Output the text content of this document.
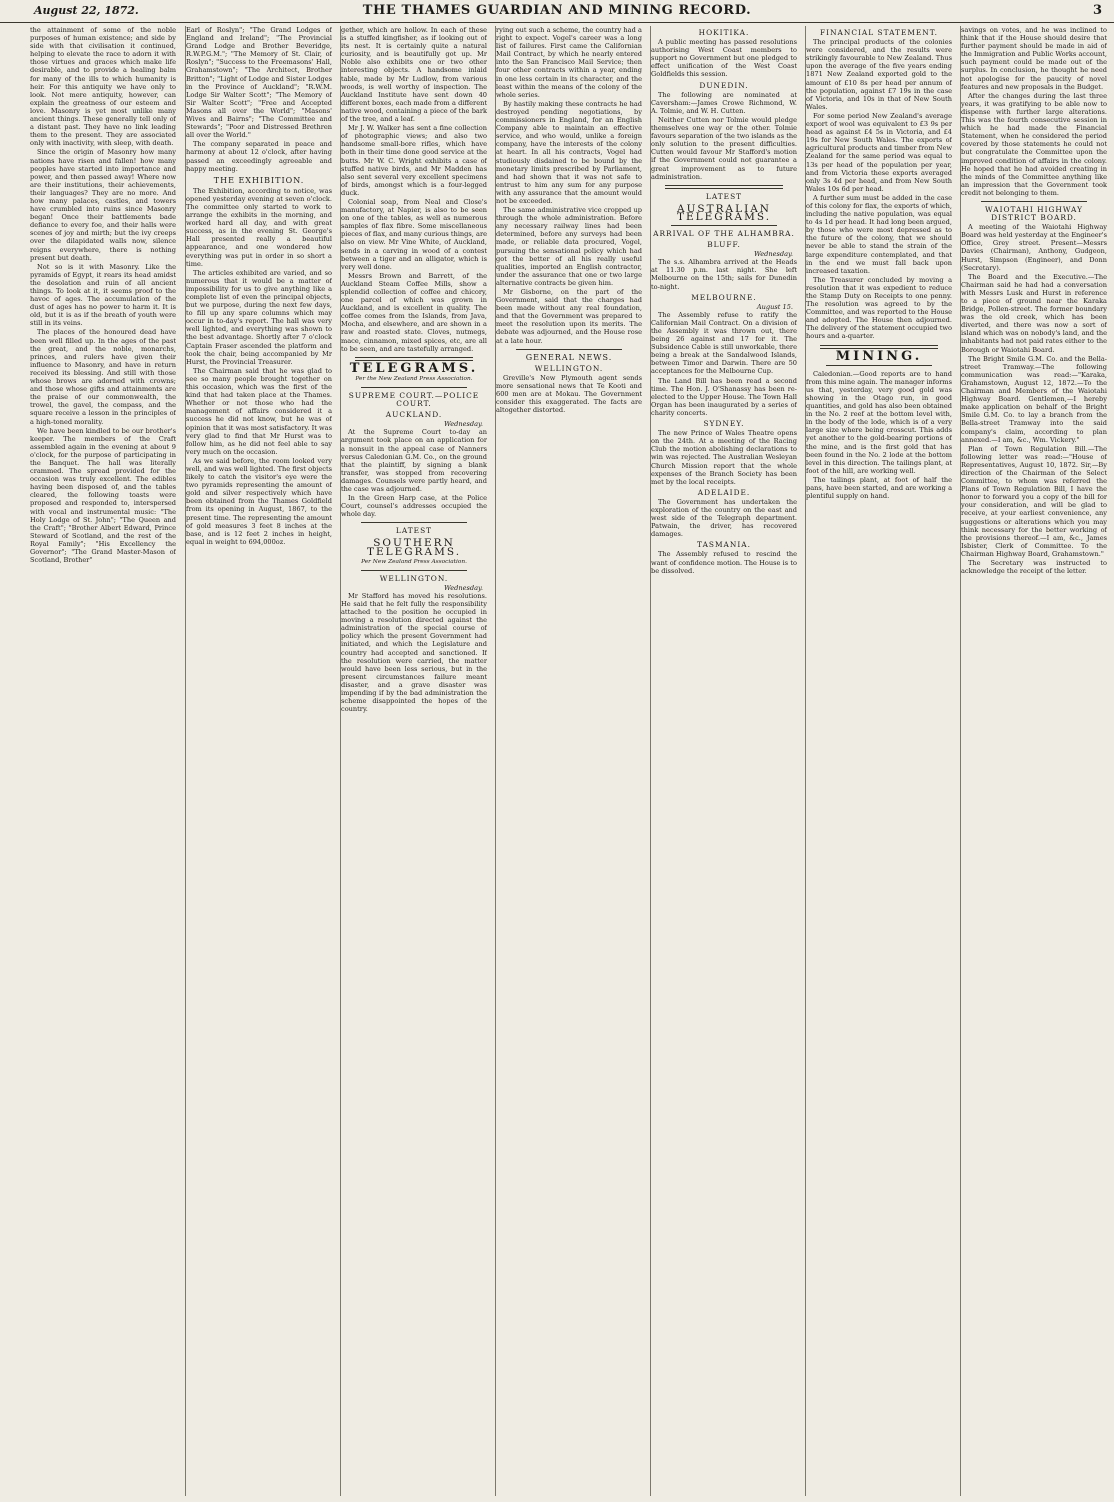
August 22, 1872.	THE THAMES GUARDIAN AND MINING RECORD.	3

the attainment of some of the noble purposes of human existence; and side by side with that civilisation it continued, helping to elevate the race to adorn it with those virtues and graces which make life desirable, and to provide a healing balm for many of the ills to which humanity is heir. For this antiquity we have only to look. Not mere antiquity, however, can explain the greatness of our esteem and love. Masonry is yet most unlike many ancient things. These generally tell only of a distant past. They have no link leading them to the present. They are associated only with inactivity, with sleep, with death.

Since the origin of Masonry how many nations have risen and fallen! how many peoples have started into importance and power, and then passed away! Where now are their institutions, their achievements, their languages? They are no more. And how many palaces, castles, and towers have crumbled into ruins since Masonry began! Once their battlements bade defiance to every foe, and their halls were scenes of joy and mirth; but the ivy creeps over the dilapidated walls now, silence reigns everywhere, there is nothing present but death.

Not so is it with Masonry. Like the pyramids of Egypt, it rears its head amidst the desolation and ruin of all ancient things. To look at it, it seems proof to the havoc of ages. The accumulation of the dust of ages has no power to harm it. It is old, but it is as if the breath of youth were still in its veins.

The places of the honoured dead have been well filled up. In the ages of the past the great, and the noble, monarchs, princes, and rulers have given their influence to Masonry, and have in return received its blessing. And still with those whose brows are adorned with crowns; and those whose gifts and attainments are the praise of our commonwealth, the trowel, the gavel, the compass, and the square receive a lesson in the principles of a high-toned morality.

We have been kindled to be our brother's keeper. The members of the Craft assembled again in the evening at about 9 o'clock, for the purpose of participating in the Banquet. The hall was literally crammed. The spread provided for the occasion was truly excellent. The edibles having been disposed of, and the tables cleared, the following toasts were proposed and responded to, interspersed with vocal and instrumental music: "The Holy Lodge of St. John"; "The Queen and the Craft"; "Brother Albert Edward, Prince Steward of Scotland, and the rest of the Royal Family"; "His Excellency the Governor"; "The Grand Master-Mason of Scotland, Brother"

Earl of Roslyn"; "The Grand Lodges of England and Ireland"; "The Provincial Grand Lodge and Brother Beveridge, R.W.P.G.M."; "The Memory of St. Clair, of Roslyn"; "Success to the Freemasons' Hall, Grahamstown"; "The Architect, Brother Britton"; "Light of Lodge and Sister Lodges in the Province of Auckland"; "R.W.M. Lodge Sir Walter Scott"; "The Memory of Sir Walter Scott"; "Free and Accepted Masons all over the World"; "Masons' Wives and Bairns"; "The Committee and Stewards"; "Poor and Distressed Brethren all over the World."

The company separated in peace and harmony at about 12 o'clock, after having passed an exceedingly agreeable and happy meeting.

THE EXHIBITION.

The Exhibition, according to notice, was opened yesterday evening at seven o'clock. The committee only started to work to arrange the exhibits in the morning, and worked hard all day, and with great success, as in the evening St. George's Hall presented really a beautiful appearance, and one wondered how everything was put in order in so short a time.

The articles exhibited are varied, and so numerous that it would be a matter of impossibility for us to give anything like a complete list of even the principal objects, but we purpose, during the next few days, to fill up any spare columns which may occur in to-day's report. The hall was very well lighted, and everything was shown to the best advantage. Shortly after 7 o'clock Captain Fraser ascended the platform and took the chair, being accompanied by Mr Hurst, the Provincial Treasurer.

The Chairman said that he was glad to see so many people brought together on this occasion, which was the first of the kind that had taken place at the Thames. Whether or not those who had the management of affairs considered it a success he did not know, but he was of opinion that it was most satisfactory. It was very glad to find that Mr Hurst was to follow him, as he did not feel able to say very much on the occasion.

As we said before, the room looked very well, and was well lighted. The first objects likely to catch the visitor's eye were the two pyramids representing the amount of gold and silver respectively which have been obtained from the Thames Goldfield from its opening in August, 1867, to the present time. The representing the amount of gold measures 3 feet 8 inches at the base, and is 12 feet 2 inches in height, equal in weight to 694,000oz.

gether, which are hollow. In each of these is a stuffed kingfisher, as if looking out of its nest. It is certainly quite a natural curiosity, and is beautifully got up. Mr Noble also exhibits one or two other interesting objects. A handsome inlaid table, made by Mr Ludlow, from various woods, is well worthy of inspection. The Auckland Institute have sent down 40 different boxes, each made from a different native wood, containing a piece of the bark of the tree, and a leaf.

Mr J. W. Walker has sent a fine collection of photographic views; and also two handsome small-bore rifles, which have both in their time done good service at the butts. Mr W. C. Wright exhibits a case of stuffed native birds, and Mr Madden has also sent several very excellent specimens of birds, amongst which is a four-legged duck.

Colonial soap, from Neal and Close's manufactory, at Napier, is also to be seen on one of the tables, as well as numerous samples of flax fibre. Some miscellaneous pieces of flax, and many curious things, are also on view. Mr Vine White, of Auckland, sends in a carving in wood of a contest between a tiger and an alligator, which is very well done.

Messrs Brown and Barrett, of the Auckland Steam Coffee Mills, show a splendid collection of coffee and chicory, one parcel of which was grown in Auckland, and is excellent in quality. The coffee comes from the Islands, from Java, Mocha, and elsewhere, and are shown in a raw and roasted state. Cloves, nutmegs, mace, cinnamon, mixed spices, etc, are all to be seen, and are tastefully arranged.

TELEGRAMS.
Per the New Zealand Press Association.
SUPREME COURT.—POLICE COURT.
AUCKLAND.
Wednesday.

At the Supreme Court to-day an argument took place on an application for a nonsuit in the appeal case of Nanners versus Caledonian G.M. Co., on the ground that the plaintiff, by signing a blank transfer, was stopped from recovering damages. Counsels were partly heard, and the case was adjourned.

In the Green Harp case, at the Police Court, counsel's addresses occupied the whole day.

LATEST
SOUTHERN TELEGRAMS.
Per New Zealand Press Association.
WELLINGTON.
Wednesday.

Mr Stafford has moved his resolutions. He said that he felt fully the responsibility attached to the position he occupied in moving a resolution directed against the administration of the special course of policy which the present Government had initiated, and which the Legislature and country had accepted and sanctioned. If the resolution were carried, the matter would have been less serious, but in the present circumstances failure meant disaster, and a grave disaster was impending if by the bad administration the scheme disappointed the hopes of the country.

rying out such a scheme, the country had a right to expect. Vogel's career was a long list of failures. First came the Californian Mail Contract, by which he nearly entered into the San Francisco Mail Service; then four other contracts within a year, ending in one less certain in its character, and the least within the means of the colony of the whole series.

By hastily making these contracts he had destroyed pending negotiations, by commissioners in England, for an English Company able to maintain an effective service, and who would, unlike a foreign company, have the interests of the colony at heart. In all his contracts, Vogel had studiously disdained to be bound by the monetary limits prescribed by Parliament, and had shown that it was not safe to entrust to him any sum for any purpose with any assurance that the amount would not be exceeded.

The same administrative vice cropped up through the whole administration. Before any necessary railway lines had been determined, before any surveys had been made, or reliable data procured, Vogel, pursuing the sensational policy which had got the better of all his really useful qualities, imported an English contractor, under the assurance that one or two large alternative contracts be given him.

Mr Gisborne, on the part of the Government, said that the charges had been made without any real foundation, and that the Government was prepared to meet the resolution upon its merits. The debate was adjourned, and the House rose at a late hour.

GENERAL NEWS.
WELLINGTON.

Greville's New Plymouth agent sends more sensational news that Te Kooti and 600 men are at Mokau. The Government consider this exaggerated. The facts are altogether distorted.

HOKITIKA.

A public meeting has passed resolutions authorising West Coast members to support no Government but one pledged to effect unification of the West Coast Goldfields this session.

DUNEDIN.

The following are nominated at Caversham:—James Crowe Richmond, W. A. Tolmie, and W. H. Cutten.

Neither Cutten nor Tolmie would pledge themselves one way or the other. Tolmie favours separation of the two islands as the only solution to the present difficulties. Cutten would favour Mr Stafford's motion if the Government could not guarantee a great improvement as to future administration.

LATEST
AUSTRALIAN TELEGRAMS.
ARRIVAL OF THE ALHAMBRA.
BLUFF.
Wednesday.

The s.s. Alhambra arrived at the Heads at 11.30 p.m. last night. She left Melbourne on the 15th; sails for Dunedin to-night.

MELBOURNE.
August 15.

The Assembly refuse to ratify the Californian Mail Contract. On a division of the Assembly it was thrown out, there being 26 against and 17 for it. The Subsidence Cable is still unworkable, there being a break at the Sandalwood Islands, between Timor and Darwin. There are 50 acceptances for the Melbourne Cup.

The Land Bill has been read a second time. The Hon. J. O'Shanassy has been re-elected to the Upper House. The Town Hall Organ has been inaugurated by a series of charity concerts.

SYDNEY.

The new Prince of Wales Theatre opens on the 24th. At a meeting of the Racing Club the motion abolishing declarations to win was rejected. The Australian Wesleyan Church Mission report that the whole expenses of the Branch Society has been met by the local receipts.

ADELAIDE.

The Government has undertaken the exploration of the country on the east and west side of the Telegraph department. Patwain, the driver, has recovered damages.

TASMANIA.

The Assembly refused to rescind the want of confidence motion. The House is to be dissolved.

FINANCIAL STATEMENT.

The principal products of the colonies were considered, and the results were strikingly favourable to New Zealand. Thus upon the average of the five years ending 1871 New Zealand exported gold to the amount of £10 8s per head per annum of the population, against £7 19s in the case of Victoria, and 10s in that of New South Wales.

For some period New Zealand's average export of wool was equivalent to £3 9s per head as against £4 5s in Victoria, and £4 19s for New South Wales. The exports of agricultural products and timber from New Zealand for the same period was equal to 13s per head of the population per year, and from Victoria these exports averaged only 3s 4d per head, and from New South Wales 10s 6d per head.

A further sum must be added in the case of this colony for flax, the exports of which, including the native population, was equal to 4s 1d per head. It had long been argued, by those who were most depressed as to the future of the colony, that we should never be able to stand the strain of the large expenditure contemplated, and that in the end we must fall back upon increased taxation.

The Treasurer concluded by moving a resolution that it was expedient to reduce the Stamp Duty on Receipts to one penny. The resolution was agreed to by the Committee, and was reported to the House and adopted. The House then adjourned. The delivery of the statement occupied two hours and a-quarter.

MINING.

Caledonian.—Good reports are to hand from this mine again. The manager informs us that, yesterday, very good gold was showing in the Otago run, in good quantities, and gold has also been obtained in the No. 2 reef at the bottom level with, in the body of the lode, which is of a very large size where being crosscut. This adds yet another to the gold-bearing portions of the mine, and is the first gold that has been found in the No. 2 lode at the bottom level in this direction. The tailings plant, at foot of the hill, are working well.

The tailings plant, at foot of half the pans, have been started, and are working a plentiful supply on hand.

savings on votes, and he was inclined to think that if the House should desire that further payment should be made in aid of the Immigration and Public Works account, such payment could be made out of the surplus. In conclusion, he thought he need not apologise for the paucity of novel features and new proposals in the Budget.

After the changes during the last three years, it was gratifying to be able now to dispense with further large alterations. This was the fourth consecutive session in which he had made the Financial Statement, when he considered the period covered by those statements he could not but congratulate the Committee upon the improved condition of affairs in the colony. He hoped that he had avoided creating in the minds of the Committee anything like an impression that the Government took credit not belonging to them.

WAIOTAHI HIGHWAY DISTRICT BOARD.

A meeting of the Waiotahi Highway Board was held yesterday at the Engineer's Office, Grey street. Present—Messrs Davies (Chairman), Anthony, Gudgeon, Hurst, Simpson (Engineer), and Donn (Secretary).

The Board and the Executive.—The Chairman said he had had a conversation with Messrs Lusk and Hurst in reference to a piece of ground near the Karaka Bridge, Pollen-street. The former boundary was the old creek, which has been diverted, and there was now a sort of island which was on nobody's land, and the inhabitants had not paid rates either to the Borough or Waiotahi Board.

The Bright Smile G.M. Co. and the Bella-street Tramway.—The following communication was read:—"Karaka, Grahamstown, August 12, 1872.—To the Chairman and Members of the Waiotahi Highway Board. Gentlemen,—I hereby make application on behalf of the Bright Smile G.M. Co. to lay a branch from the Bella-street Tramway into the said company's claim, according to plan annexed.—I am, &c., Wm. Vickery."

Plan of Town Regulation Bill.—The following letter was read:—"House of Representatives, August 10, 1872. Sir,—By direction of the Chairman of the Select Committee, to whom was referred the Plans of Town Regulation Bill, I have the honor to forward you a copy of the bill for your consideration, and will be glad to receive, at your earliest convenience, any suggestions or alterations which you may think necessary for the better working of the provisions thereof.—I am, &c., James Isbister, Clerk of Committee. To the Chairman Highway Board, Grahamstown."

The Secretary was instructed to acknowledge the receipt of the letter.
